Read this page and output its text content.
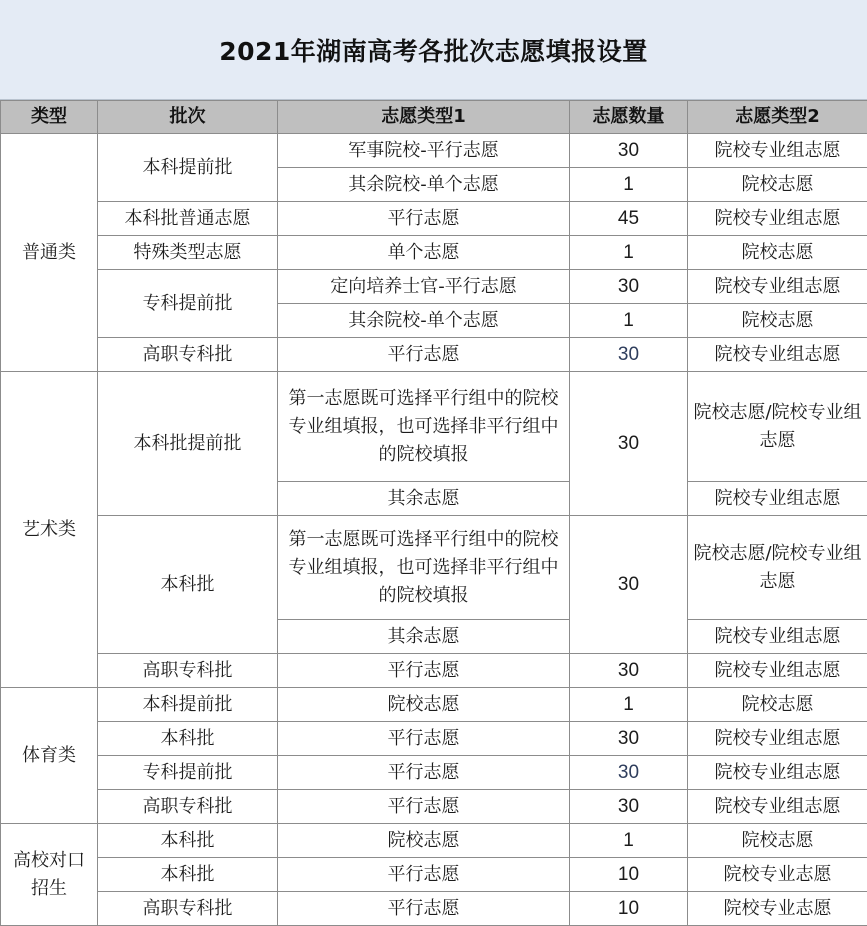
2021年湖南高考各批次志愿填报设置
类型	批次	志愿类型1	志愿数量	志愿类型2
普通类	本科提前批	军事院校-平行志愿	30	院校专业组志愿
		其余院校-单个志愿	1	院校志愿
	本科批普通志愿	平行志愿	45	院校专业组志愿
	特殊类型志愿	单个志愿	1	院校志愿
	专科提前批	定向培养士官-平行志愿	30	院校专业组志愿
		其余院校-单个志愿	1	院校志愿
	高职专科批	平行志愿	30	院校专业组志愿
艺术类	本科批提前批	第一志愿既可选择平行组中的院校专业组填报，也可选择非平行组中的院校填报	30	院校志愿/院校专业组志愿
		其余志愿		院校专业组志愿
	本科批	第一志愿既可选择平行组中的院校专业组填报，也可选择非平行组中的院校填报	30	院校志愿/院校专业组志愿
		其余志愿		院校专业组志愿
	高职专科批	平行志愿	30	院校专业组志愿
体育类	本科提前批	院校志愿	1	院校志愿
	本科批	平行志愿	30	院校专业组志愿
	专科提前批	平行志愿	30	院校专业组志愿
	高职专科批	平行志愿	30	院校专业组志愿
高校对口招生	本科批	院校志愿	1	院校志愿
	本科批	平行志愿	10	院校专业志愿
	高职专科批	平行志愿	10	院校专业志愿
